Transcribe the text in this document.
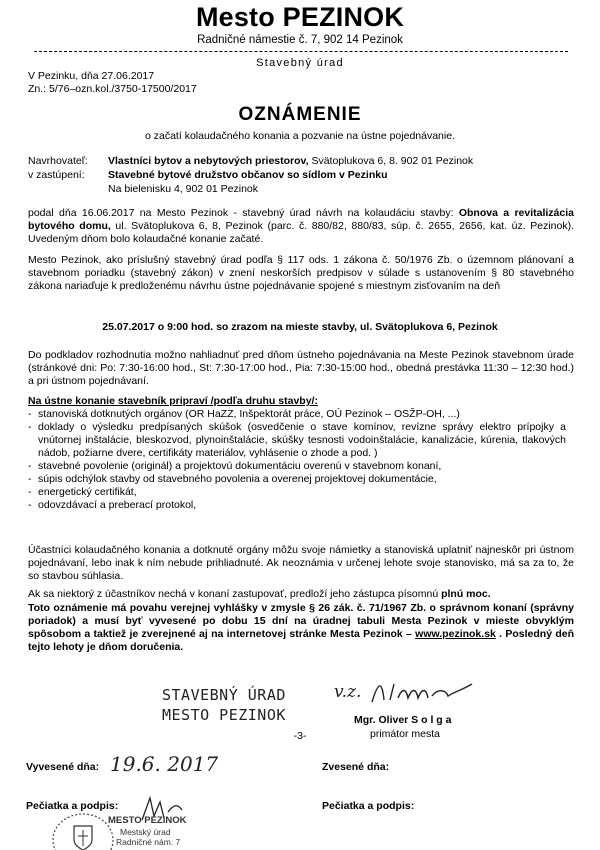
Mesto PEZINOK
Radničné námestie č. 7, 902 14 Pezinok
Stavebný úrad
V Pezinku, dňa 27.06.2017
Zn.: 5/76–ozn.kol./3750-17500/2017
OZNÁMENIE
o začatí kolaudačného konania a pozvanie na ústne pojednávanie.
Navrhovateľ: Vlastníci bytov a nebytových priestorov, Svätoplukova 6, 8. 902 01 Pezinok
v zastúpení: Stavebné bytové družstvo občanov so sídlom v Pezinku
Na bielenisku 4, 902 01 Pezinok
podal dňa 16.06.2017 na Mesto Pezinok - stavebný úrad návrh na kolaudáciu stavby: Obnova a revitalizácia bytového domu, ul. Svätoplukova 6, 8, Pezinok (parc. č. 880/82, 880/83, súp. č. 2655, 2656, kat. úz. Pezinok). Uvedeným dňom bolo kolaudačné konanie začaté.
Mesto Pezinok, ako príslušný stavebný úrad podľa § 117 ods. 1 zákona č. 50/1976 Zb. o územnom plánovaní a stavebnom poriadku (stavebný zákon) v znení neskorších predpisov v súlade s ustanovením § 80 stavebného zákona nariaďuje k predloženému návrhu ústne pojednávanie spojené s miestnym zisťovaním na deň
25.07.2017 o 9:00 hod. so zrazom na mieste stavby, ul. Svätoplukova 6, Pezinok
Do podkladov rozhodnutia možno nahliadnuť pred dňom ústneho pojednávania na Meste Pezinok stavebnom úrade (stránkové dni: Po: 7:30-16:00 hod., St: 7:30-17:00 hod., Pia: 7:30-15:00 hod., obedná prestávka 11:30 – 12:30 hod.) a pri ústnom pojednávaní.
Na ústne konanie stavebník pripraví /podľa druhu stavby/:
- stanoviská dotknutých orgánov (OR HaZZ, Inšpektorát práce, OÚ Pezinok – OSŽP-OH, ...)
- doklady o výsledku predpísaných skúšok (osvedčenie o stave komínov, revízne správy elektro prípojky a vnútornej inštalácie, bleskozvod, plynoinštalácie, skúšky tesnosti vodoinštalácie, kanalizácie, kúrenia, tlakových nádob, požiarne dvere, certifikáty materiálov, vyhlásenie o zhode a pod. )
- stavebné povolenie (originál) a projektovú dokumentáciu overenú v stavebnom konaní,
- súpis odchýlok stavby od stavebného povolenia a overenej projektovej dokumentácie,
- energetický certifikát,
- odovzdávací a preberací protokol,
Účastníci kolaudačného konania a dotknuté orgány môžu svoje námietky a stanoviská uplatniť najneskôr pri ústnom pojednávaní, lebo inak k ním nebude prihliadnuté. Ak neoznámia v určenej lehote svoje stanovisko, má sa za to, že so stavbou súhlasia.
Ak sa niektorý z účastníkov nechá v konaní zastupovať, predloží jeho zástupca písomnú plnú moc.
Toto oznámenie má povahu verejnej vyhlášky v zmysle § 26 zák. č. 71/1967 Zb. o správnom konaní (správny poriadok) a musí byť vyvesené po dobu 15 dní na úradnej tabuli Mesta Pezinok v mieste obvyklým spôsobom a taktiež je zverejnené aj na internetovej stránke Mesta Pezinok – www.pezinok.sk . Posledný deň tejto lehoty je dňom doručenia.
STAVEBNÝ ÚRAD
MESTO PEZINOK
-3-
v.z.
Mgr. Oliver S o l g a
primátor mesta
Vyvesené dňa: 19.6. 2017	Zvesené dňa:
Pečiatka a podpis:	Pečiatka a podpis:
MESTO PEZINOK
Mestský úrad
Radničné nám. 7
